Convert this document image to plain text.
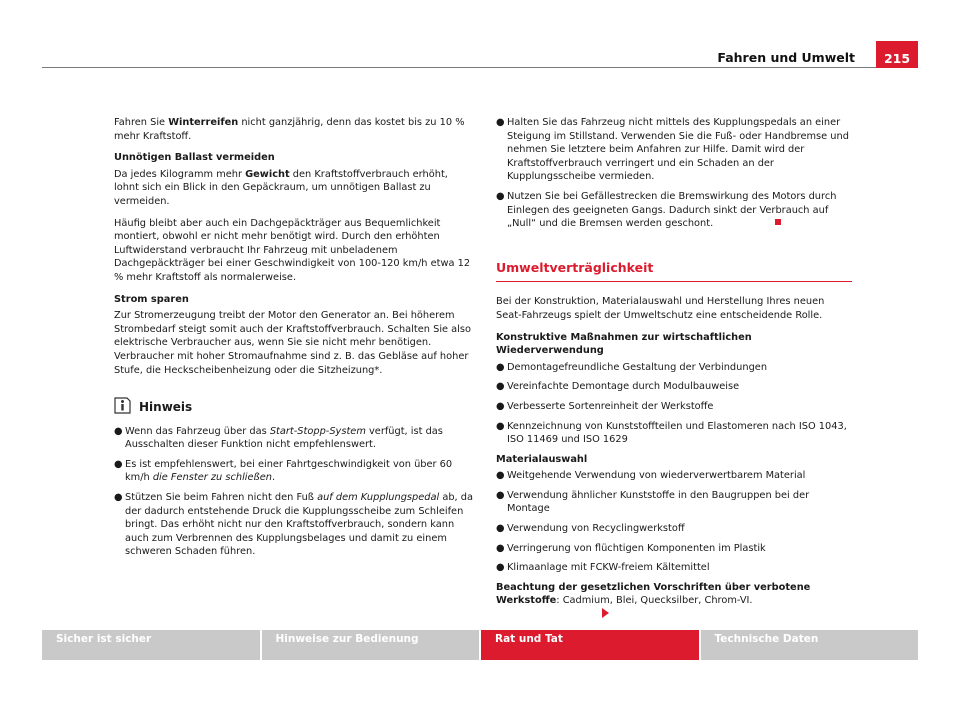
Fahren und Umwelt	215

Fahren Sie Winterreifen nicht ganzjährig, denn das kostet bis zu 10 % mehr Kraftstoff.

Unnötigen Ballast vermeiden

Da jedes Kilogramm mehr Gewicht den Kraftstoffverbrauch erhöht, lohnt sich ein Blick in den Gepäckraum, um unnötigen Ballast zu vermeiden.

Häufig bleibt aber auch ein Dachgepäckträger aus Bequemlichkeit montiert, obwohl er nicht mehr benötigt wird. Durch den erhöhten Luftwiderstand verbraucht Ihr Fahrzeug mit unbeladenem Dachgepäckträger bei einer Geschwindigkeit von 100-120 km/h etwa 12 % mehr Kraftstoff als normalerweise.

Strom sparen

Zur Stromerzeugung treibt der Motor den Generator an. Bei höherem Strombedarf steigt somit auch der Kraftstoffverbrauch. Schalten Sie also elektrische Verbraucher aus, wenn Sie sie nicht mehr benötigen. Verbraucher mit hoher Stromaufnahme sind z. B. das Gebläse auf hoher Stufe, die Heckscheibenheizung oder die Sitzheizung*.

Hinweis
● Wenn das Fahrzeug über das Start-Stopp-System verfügt, ist das Ausschalten dieser Funktion nicht empfehlenswert.
● Es ist empfehlenswert, bei einer Fahrtgeschwindigkeit von über 60 km/h die Fenster zu schließen.
● Stützen Sie beim Fahren nicht den Fuß auf dem Kupplungspedal ab, da der dadurch entstehende Druck die Kupplungsscheibe zum Schleifen bringt. Das erhöht nicht nur den Kraftstoffverbrauch, sondern kann auch zum Verbrennen des Kupplungsbelages und damit zu einem schweren Schaden führen.
● Halten Sie das Fahrzeug nicht mittels des Kupplungspedals an einer Steigung im Stillstand. Verwenden Sie die Fuß- oder Handbremse und nehmen Sie letztere beim Anfahren zur Hilfe. Damit wird der Kraftstoffverbrauch verringert und ein Schaden an der Kupplungsscheibe vermieden.
● Nutzen Sie bei Gefällestrecken die Bremswirkung des Motors durch Einlegen des geeigneten Gangs. Dadurch sinkt der Verbrauch auf „Null“ und die Bremsen werden geschont.
Umweltverträglichkeit

Bei der Konstruktion, Materialauswahl und Herstellung Ihres neuen Seat-Fahrzeugs spielt der Umweltschutz eine entscheidende Rolle.

Konstruktive Maßnahmen zur wirtschaftlichen Wiederverwendung

● Demontagefreundliche Gestaltung der Verbindungen
● Vereinfachte Demontage durch Modulbauweise
● Verbesserte Sortenreinheit der Werkstoffe
● Kennzeichnung von Kunststoffteilen und Elastomeren nach ISO 1043, ISO 11469 und ISO 1629

Materialauswahl

● Weitgehende Verwendung von wiederverwertbarem Material
● Verwendung ähnlicher Kunststoffe in den Baugruppen bei der Montage
● Verwendung von Recyclingwerkstoff
● Verringerung von flüchtigen Komponenten im Plastik
● Klimaanlage mit FCKW-freiem Kältemittel

Beachtung der gesetzlichen Vorschriften über verbotene Werkstoffe: Cadmium, Blei, Quecksilber, Chrom-VI.

Sicher ist sicher	Hinweise zur Bedienung	Rat und Tat	Technische Daten
